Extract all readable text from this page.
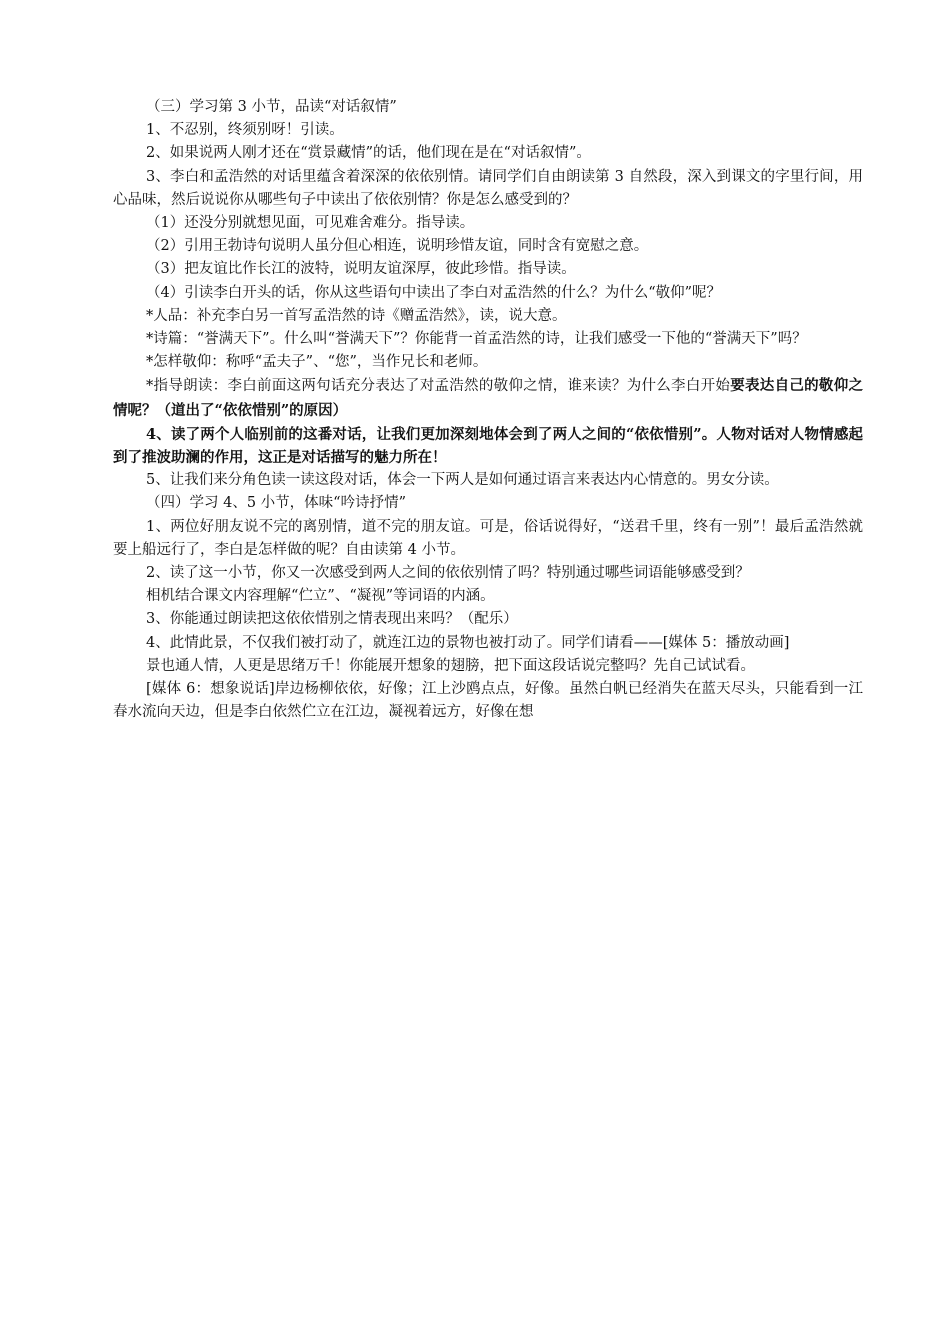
（三）学习第 3 小节，品读“对话叙情”

1、不忍别，终须别呀！引读。

2、如果说两人刚才还在“赏景藏情”的话，他们现在是在“对话叙情”。

3、李白和孟浩然的对话里蕴含着深深的依依别情。请同学们自由朗读第 3 自然段，深入到课文的字里行间，用心品味，然后说说你从哪些句子中读出了依依别情？你是怎么感受到的？

（1）还没分别就想见面，可见难舍难分。指导读。

（2）引用王勃诗句说明人虽分但心相连，说明珍惜友谊，同时含有宽慰之意。

（3）把友谊比作长江的波特，说明友谊深厚，彼此珍惜。指导读。

（4）引读李白开头的话，你从这些语句中读出了李白对孟浩然的什么？为什么“敬仰”呢？

*人品：补充李白另一首写孟浩然的诗《赠孟浩然》，读，说大意。

*诗篇：“誉满天下”。什么叫“誉满天下”？你能背一首孟浩然的诗，让我们感受一下他的“誉满天下”吗？

*怎样敬仰：称呼“孟夫子”、“您”，当作兄长和老师。

*指导朗读：李白前面这两句话充分表达了对孟浩然的敬仰之情，谁来读？为什么李白开始要表达自己的敬仰之情呢？（道出了“依依惜别”的原因）

4、读了两个人临别前的这番对话，让我们更加深刻地体会到了两人之间的“依依惜别”。人物对话对人物情感起到了推波助澜的作用，这正是对话描写的魅力所在！

5、让我们来分角色读一读这段对话，体会一下两人是如何通过语言来表达内心情意的。男女分读。

（四）学习 4、5 小节，体味“吟诗抒情”

1、两位好朋友说不完的离别情，道不完的朋友谊。可是，俗话说得好，“送君千里，终有一别”！最后孟浩然就要上船远行了，李白是怎样做的呢？自由读第 4 小节。

2、读了这一小节，你又一次感受到两人之间的依依别情了吗？特别通过哪些词语能够感受到？

相机结合课文内容理解“伫立”、“凝视”等词语的内涵。

3、你能通过朗读把这依依惜别之情表现出来吗？（配乐）

4、此情此景，不仅我们被打动了，就连江边的景物也被打动了。同学们请看——[媒体 5：播放动画]

景也通人情，人更是思绪万千！你能展开想象的翅膀，把下面这段话说完整吗？先自己试试看。

[媒体 6：想象说话]岸边杨柳依依，好像；江上沙鸥点点，好像。虽然白帆已经消失在蓝天尽头，只能看到一江春水流向天边，但是李白依然伫立在江边，凝视着远方，好像在想
